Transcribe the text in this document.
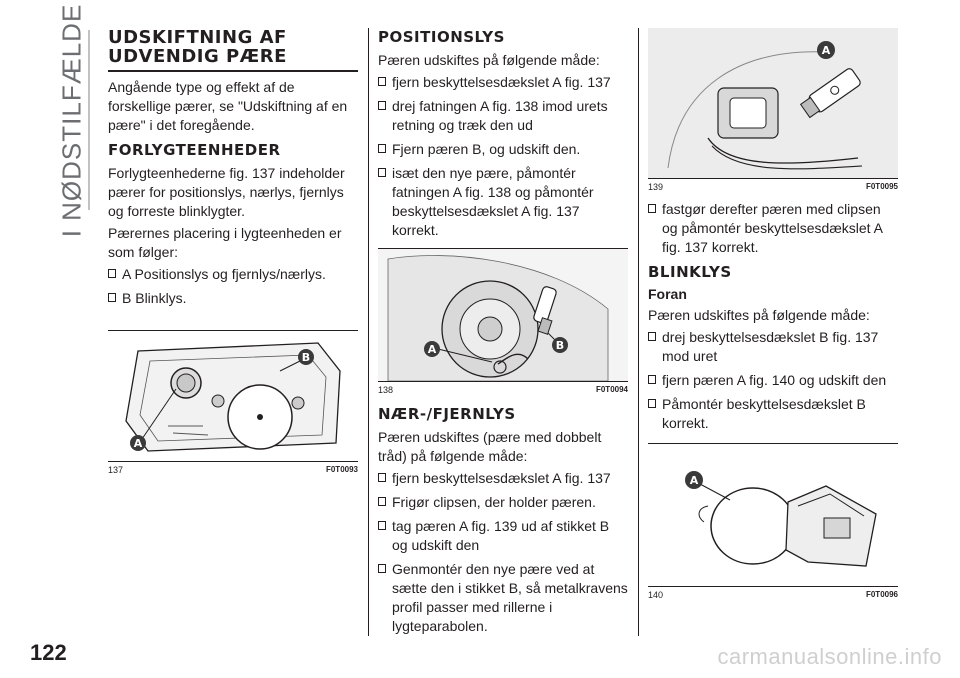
I NØDSTILFÆLDE UDSKIFTNING AF
UDVENDIG PÆRE

Angående type og effekt af de forskellige pærer, se "Udskiftning af en pære" i det foregående.

FORLYGTEENHEDER

Forlygteenhederne fig. 137 indeholder pærer for positionslys, nærlys, fjernlys og forreste blinklygter.

Pærernes placering i lygteenheden er som følger:

A Positionslys og fjernlys/nærlys.
B Blinklys.
B
A
137	F0T0093
POSITIONSLYS

Pæren udskiftes på følgende måde:

fjern beskyttelsesdækslet A fig. 137
drej fatningen A fig. 138 imod urets retning og træk den ud
Fjern pæren B, og udskift den.
isæt den nye pære, påmontér fatningen A fig. 138 og påmontér beskyttelsesdækslet A fig. 137 korrekt.
B
A
138	F0T0094
NÆR-/FJERNLYS

Pæren udskiftes (pære med dobbelt tråd) på følgende måde:

fjern beskyttelsesdækslet A fig. 137
Frigør clipsen, der holder pæren.
tag pæren A fig. 139 ud af stikket B og udskift den
Genmontér den nye pære ved at sætte den i stikket B, så metalkravens profil passer med rillerne i lygteparabolen.
A
139	F0T0095
fastgør derefter pæren med clipsen og påmontér beskyttelsesdækslet A fig. 137 korrekt.
BLINKLYS
Foran

Pæren udskiftes på følgende måde:

drej beskyttelsesdækslet B fig. 137 mod uret
fjern pæren A fig. 140 og udskift den
Påmontér beskyttelsesdækslet B korrekt.
A
140	F0T0096
122	carmanualsonline.info
